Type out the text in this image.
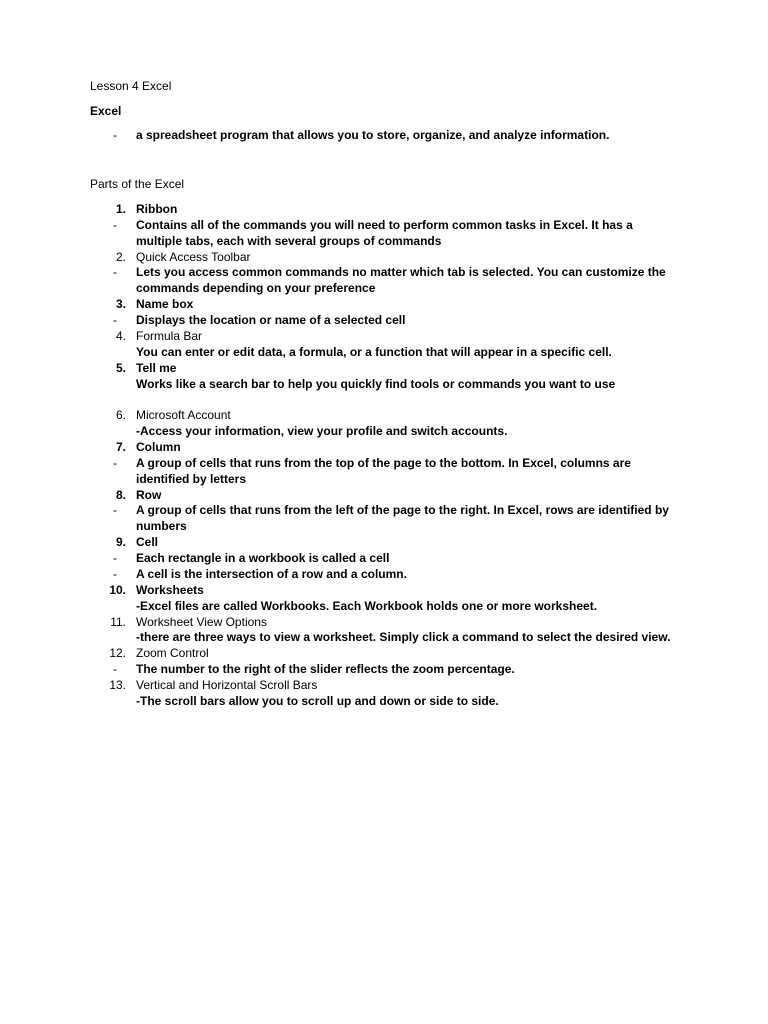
Lesson 4 Excel
Excel
- a spreadsheet program that allows you to store, organize, and analyze information.
Parts of the Excel
1. Ribbon
- Contains all of the commands you will need to perform common tasks in Excel. It has a
multiple tabs, each with several groups of commands
2. Quick Access Toolbar
- Lets you access common commands no matter which tab is selected. You can customize the
commands depending on your preference
3. Name box
- Displays the location or name of a selected cell
4. Formula Bar
You can enter or edit data, a formula, or a function that will appear in a specific cell.
5. Tell me
Works like a search bar to help you quickly find tools or commands you want to use
6. Microsoft Account
-Access your information, view your profile and switch accounts.
7. Column
- A group of cells that runs from the top of the page to the bottom. In Excel, columns are
identified by letters
8. Row
- A group of cells that runs from the left of the page to the right. In Excel, rows are identified by
numbers
9. Cell
- Each rectangle in a workbook is called a cell
- A cell is the intersection of a row and a column.
10. Worksheets
-Excel files are called Workbooks. Each Workbook holds one or more worksheet.
11. Worksheet View Options
-there are three ways to view a worksheet. Simply click a command to select the desired view.
12. Zoom Control
- The number to the right of the slider reflects the zoom percentage.
13. Vertical and Horizontal Scroll Bars
-The scroll bars allow you to scroll up and down or side to side.
